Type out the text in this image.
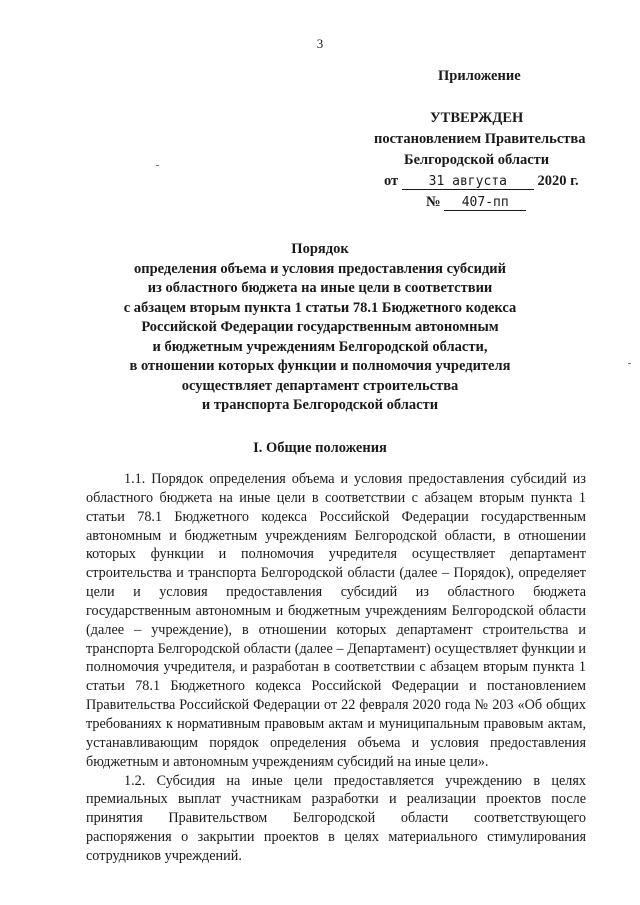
3
Приложение
УТВЕРЖДЕН
постановлением Правительства
Белгородской области
от 31 августа 2020 г.
№ 407-пп
Порядок
определения объема и условия предоставления субсидий
из областного бюджета на иные цели в соответствии
с абзацем вторым пункта 1 статьи 78.1 Бюджетного кодекса
Российской Федерации государственным автономным
и бюджетным учреждениям Белгородской области,
в отношении которых функции и полномочия учредителя
осуществляет департамент строительства
и транспорта Белгородской области
I. Общие положения

1.1. Порядок определения объема и условия предоставления субсидий из областного бюджета на иные цели в соответствии с абзацем вторым пункта 1 статьи 78.1 Бюджетного кодекса Российской Федерации государственным автономным и бюджетным учреждениям Белгородской области, в отношении которых функции и полномочия учредителя осуществляет департамент строительства и транспорта Белгородской области (далее – Порядок), определяет цели и условия предоставления субсидий из областного бюджета государственным автономным и бюджетным учреждениям Белгородской области (далее – учреждение), в отношении которых департамент строительства и транспорта Белгородской области (далее – Департамент) осуществляет функции и полномочия учредителя, и разработан в соответствии с абзацем вторым пункта 1 статьи 78.1 Бюджетного кодекса Российской Федерации и постановлением Правительства Российской Федерации от 22 февраля 2020 года № 203 «Об общих требованиях к нормативным правовым актам и муниципальным правовым актам, устанавливающим порядок определения объема и условия предоставления бюджетным и автономным учреждениям субсидий на иные цели».

1.2. Субсидия на иные цели предоставляется учреждению в целях премиальных выплат участникам разработки и реализации проектов после принятия Правительством Белгородской области соответствующего распоряжения о закрытии проектов в целях материального стимулирования сотрудников учреждений.
